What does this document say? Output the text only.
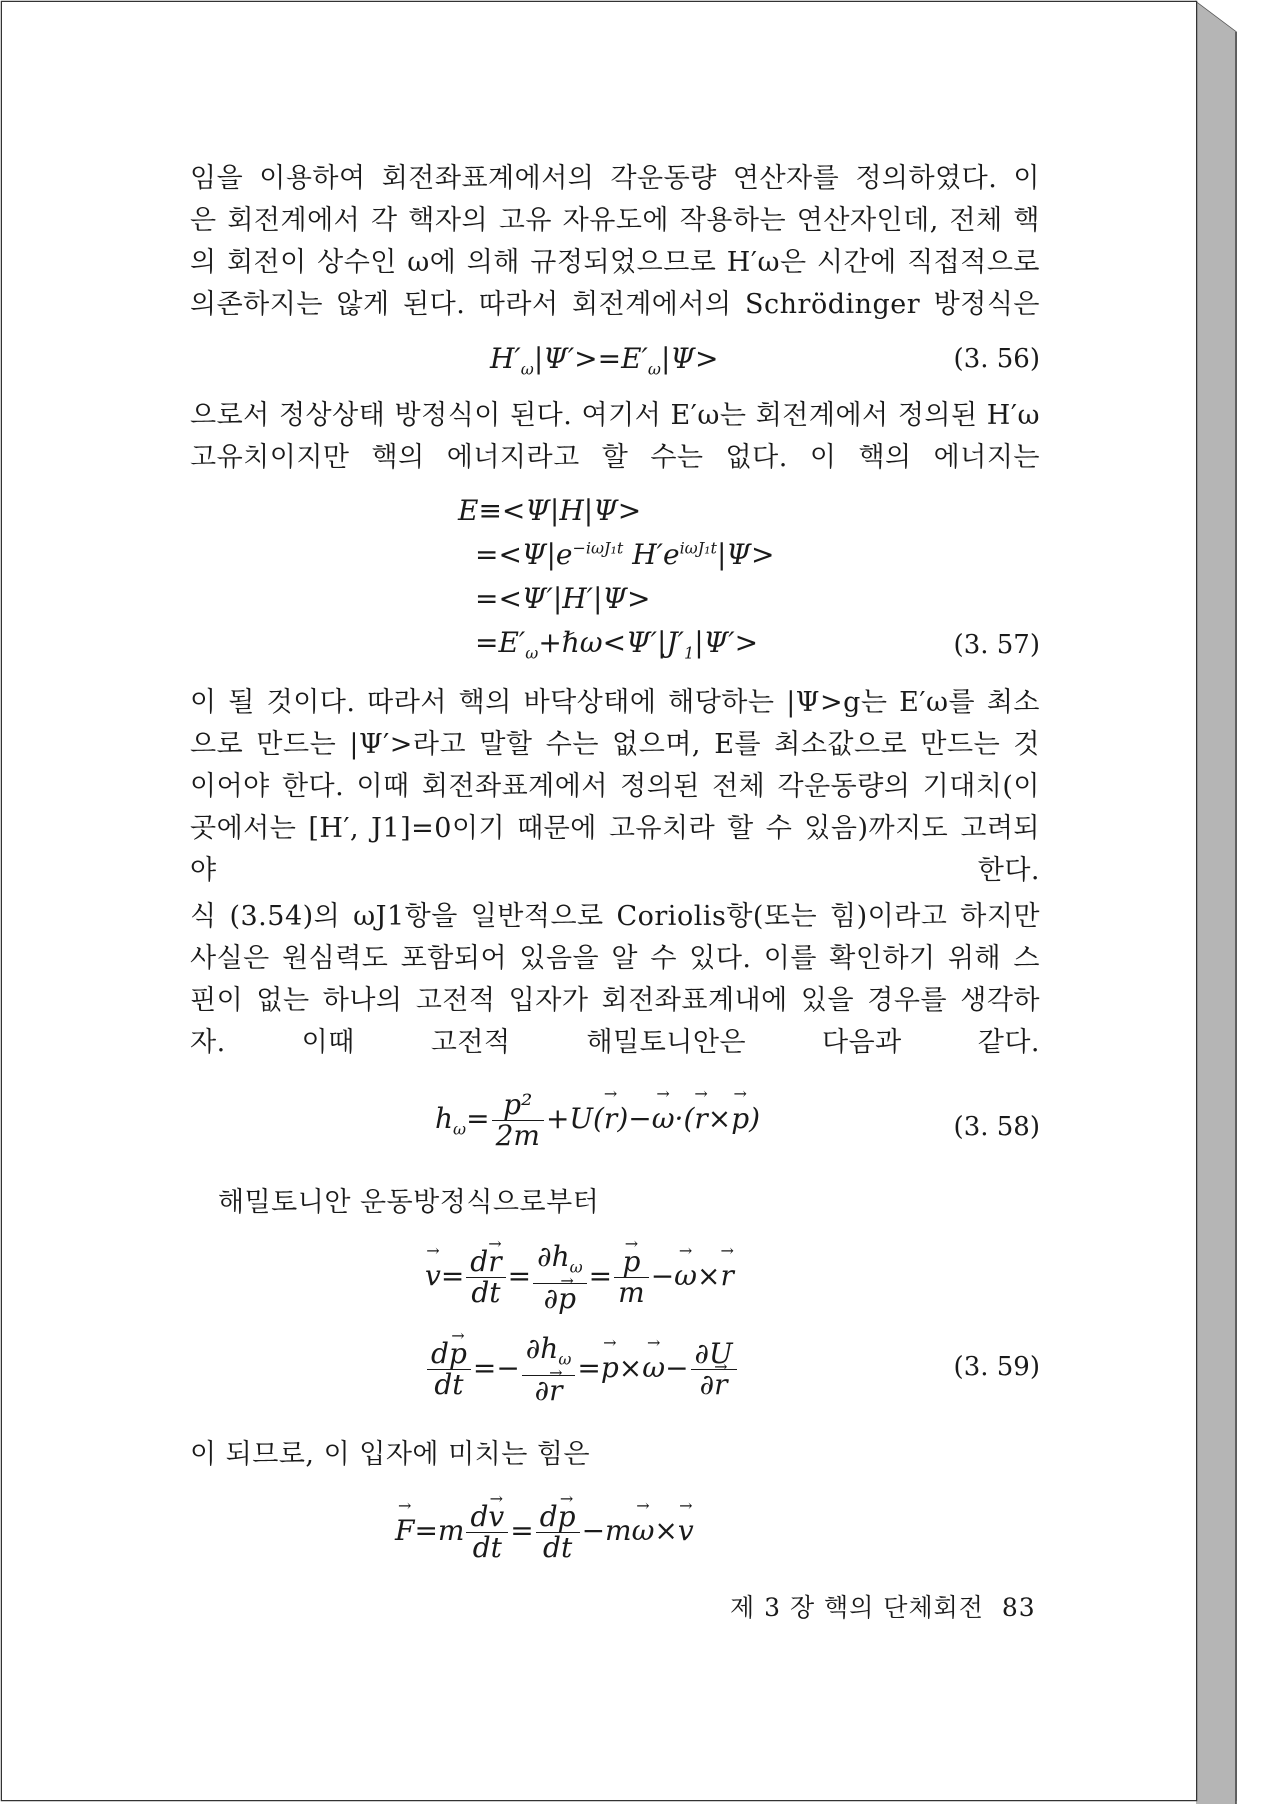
임을 이용하여 회전좌표계에서의 각운동량 연산자를 정의하였다. 이
은 회전계에서 각 핵자의 고유 자유도에 작용하는 연산자인데, 전체 핵
의 회전이 상수인 ω에 의해 규정되었으므로 H′ω은 시간에 직접적으로
의존하지는 않게 된다. 따라서 회전계에서의 Schrödinger 방정식은
$H'_\omega|\Psi'>=E'_\omega|\Psi>$	(3. 56)
으로서 정상상태 방정식이 된다. 여기서 E′ω는 회전계에서 정의된 H′ω
고유치이지만 핵의 에너지라고 할 수는 없다. 이 핵의 에너지는
E≡<Ψ|H|Ψ>
$=<\Psi|e^{-i\omega J_1t}$ $H'e^{i\omega J_1t}|\Psi>$
=<Ψ′|H′|Ψ>
$=E'_\omega+\hbar\omega<\Psi'|J'_1|\Psi'>$	(3. 57)
이 될 것이다. 따라서 핵의 바닥상태에 해당하는 |Ψ>g는 E′ω를 최소
으로 만드는 |Ψ′>라고 말할 수는 없으며, E를 최소값으로 만드는 것
이어야 한다. 이때 회전좌표계에서 정의된 전체 각운동량의 기대치(이
곳에서는 [H′, J1]=0이기 때문에 고유치라 할 수 있음)까지도 고려되
야 한다.
식 (3.54)의 ωJ1항을 일반적으로 Coriolis항(또는 힘)이라고 하지만
사실은 원심력도 포함되어 있음을 알 수 있다. 이를 확인하기 위해 스
핀이 없는 하나의 고전적 입자가 회전좌표계내에 있을 경우를 생각하
자. 이때 고전적 해밀토니안은 다음과 같다.
$h_\omega= \frac{\text{p²}}{2m} +U(\to r)-\to \omega\cdot(\to r\times\to p)$	(3. 58)
해밀토니안 운동방정식으로부터
→ $v= \frac{d\to r}{dt} = \frac{\partial h_\omega}{\partial\to p}$ =
→ $\frac{p}{m} -\to \omega\times\to r$
$\frac{d\to p}{dt} =- \frac{\partial h_\omega}{\partial\to r} =\to p\times\to \omega- \frac{\partial U}{\partial\to r}$	(3. 59)
이 되므로, 이 입자에 미치는 힘은
→ $F=m \frac{d\to v}{dt} = \frac{d\to p}{dt} -m\to \omega\times\to v$
제 3 장 핵의 단체회전 83
